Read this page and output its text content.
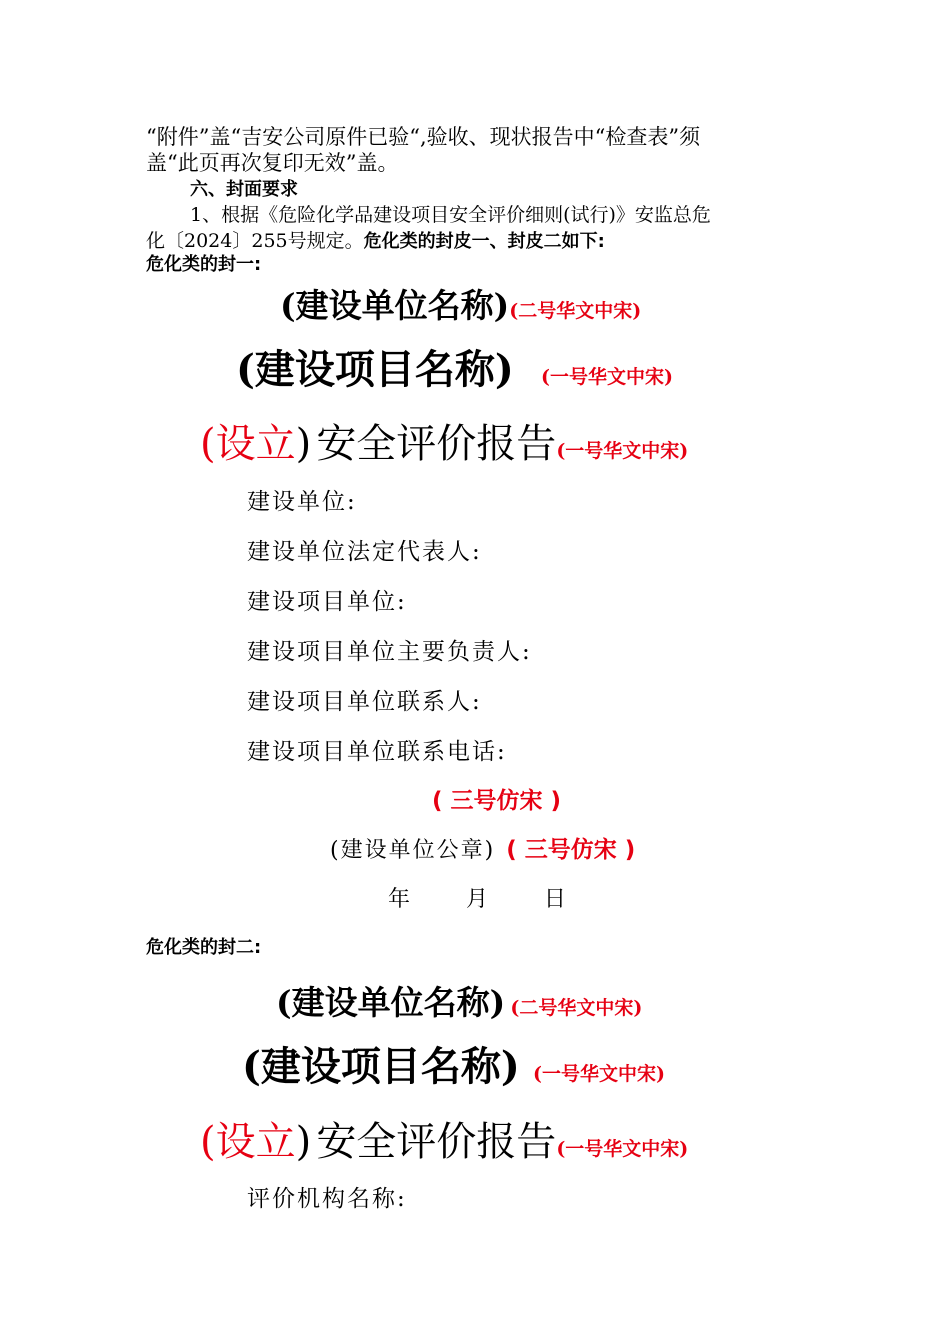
“附件”盖“吉安公司原件已验“,验收、现状报告中“检查表”须
盖“此页再次复印无效”盖。
六、封面要求
1、根据《危险化学品建设项目安全评价细则(试行)》安监总危
化〔2024〕255号规定。危化类的封皮一、封皮二如下:
危化类的封一:
(建设单位名称)(二号华文中宋)
(建设项目名称) (一号华文中宋)
(设立) 安全评价报告(一号华文中宋)
建设单位:
建设单位法定代表人:
建设项目单位:
建设项目单位主要负责人:
建设项目单位联系人:
建设项目单位联系电话:
( 三号仿宋 )
(建设单位公章) ( 三号仿宋 )
年      月      日
危化类的封二:
(建设单位名称) (二号华文中宋)
(建设项目名称) (一号华文中宋)
(设立) 安全评价报告(一号华文中宋)
评价机构名称:
